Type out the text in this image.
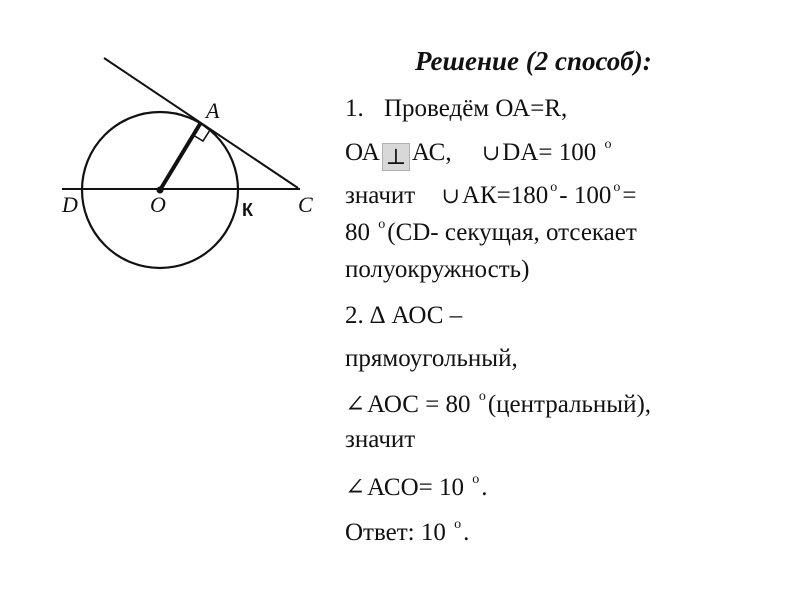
A
C
D	O	К
Решение (2 способ):
1. Проведём ОА=R,
ОА ⊥ АС, ∪DA= 100 $^о$
значит ∪АК=180 $^о$- 100 $^о$=
80 $^о$(CD- секущая, отсекает
полуокружность)
2. ∆ АОС –
прямоугольный,
∠АОС = 80 $^о$(центральный),
значит
∠АСО= 10 $^о$.
Ответ: 10 $^о$.
